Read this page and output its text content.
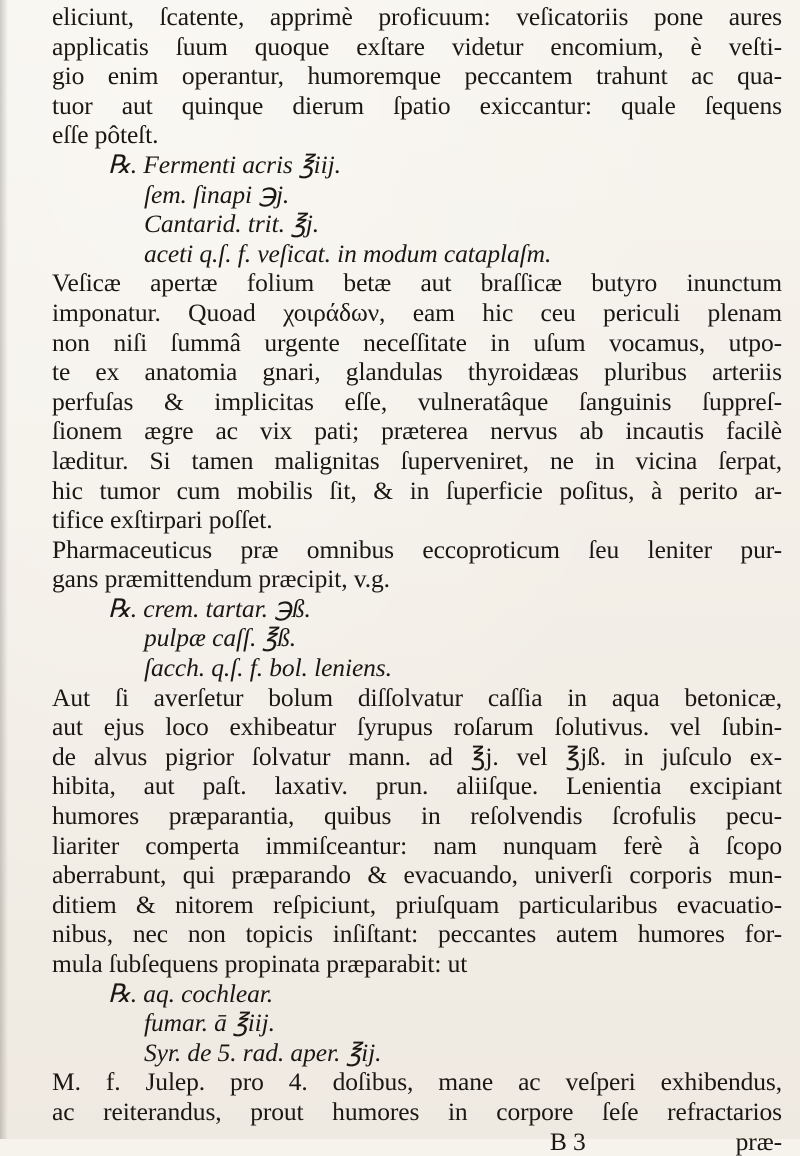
eliciunt, ſcatente, apprimè proficuum: veſicatoriis pone aures
applicatis ſuum quoque exſtare videtur encomium, è veſti-
gio enim operantur, humoremque peccantem trahunt ac qua-
tuor aut quinque dierum ſpatio exiccantur: quale ſequens
eſſe pôteſt.
℞. Fermenti acris ℥iij.
ſem. ſinapi ℈j.
Cantarid. trit. ℥j.
aceti q.ſ. f. veſicat. in modum cataplaſm.
Veſicæ apertæ folium betæ aut braſſicæ butyro inunctum
imponatur. Quoad χοιράδων, eam hic ceu periculi plenam
non niſi ſummâ urgente neceſſitate in uſum vocamus, utpo-
te ex anatomia gnari, glandulas thyroidæas pluribus arteriis
perfuſas & implicitas eſſe, vulneratâque ſanguinis ſuppreſ-
ſionem ægre ac vix pati; præterea nervus ab incautis facilè
læditur. Si tamen malignitas ſuperveniret, ne in vicina ſerpat,
hic tumor cum mobilis ſit, & in ſuperficie poſitus, à perito ar-
tifice exſtirpari poſſet.
Pharmaceuticus præ omnibus eccoproticum ſeu leniter pur-
gans præmittendum præcipit, v.g.
℞. crem. tartar. ℈ß.
pulpæ caſſ. ℥ß.
ſacch. q.ſ. f. bol. leniens.
Aut ſi averſetur bolum diſſolvatur caſſia in aqua betonicæ,
aut ejus loco exhibeatur ſyrupus roſarum ſolutivus. vel ſubin-
de alvus pigrior ſolvatur mann. ad ℥j. vel ℥jß. in juſculo ex-
hibita, aut paſt. laxativ. prun. aliiſque. Lenientia excipiant
humores præparantia, quibus in reſolvendis ſcrofulis pecu-
liariter comperta immiſceantur: nam nunquam ferè à ſcopo
aberrabunt, qui præparando & evacuando, univerſi corporis mun-
ditiem & nitorem reſpiciunt, priuſquam particularibus evacuatio-
nibus, nec non topicis inſiſtant: peccantes autem humores for-
mula ſubſequens propinata præparabit: ut
℞. aq. cochlear.
fumar. ā ℥iij.
Syr. de 5. rad. aper. ℥ij.
M. f. Julep. pro 4. doſibus, mane ac veſperi exhibendus,
ac reiterandus, prout humores in corpore ſeſe refractarios
B 3	præ-
